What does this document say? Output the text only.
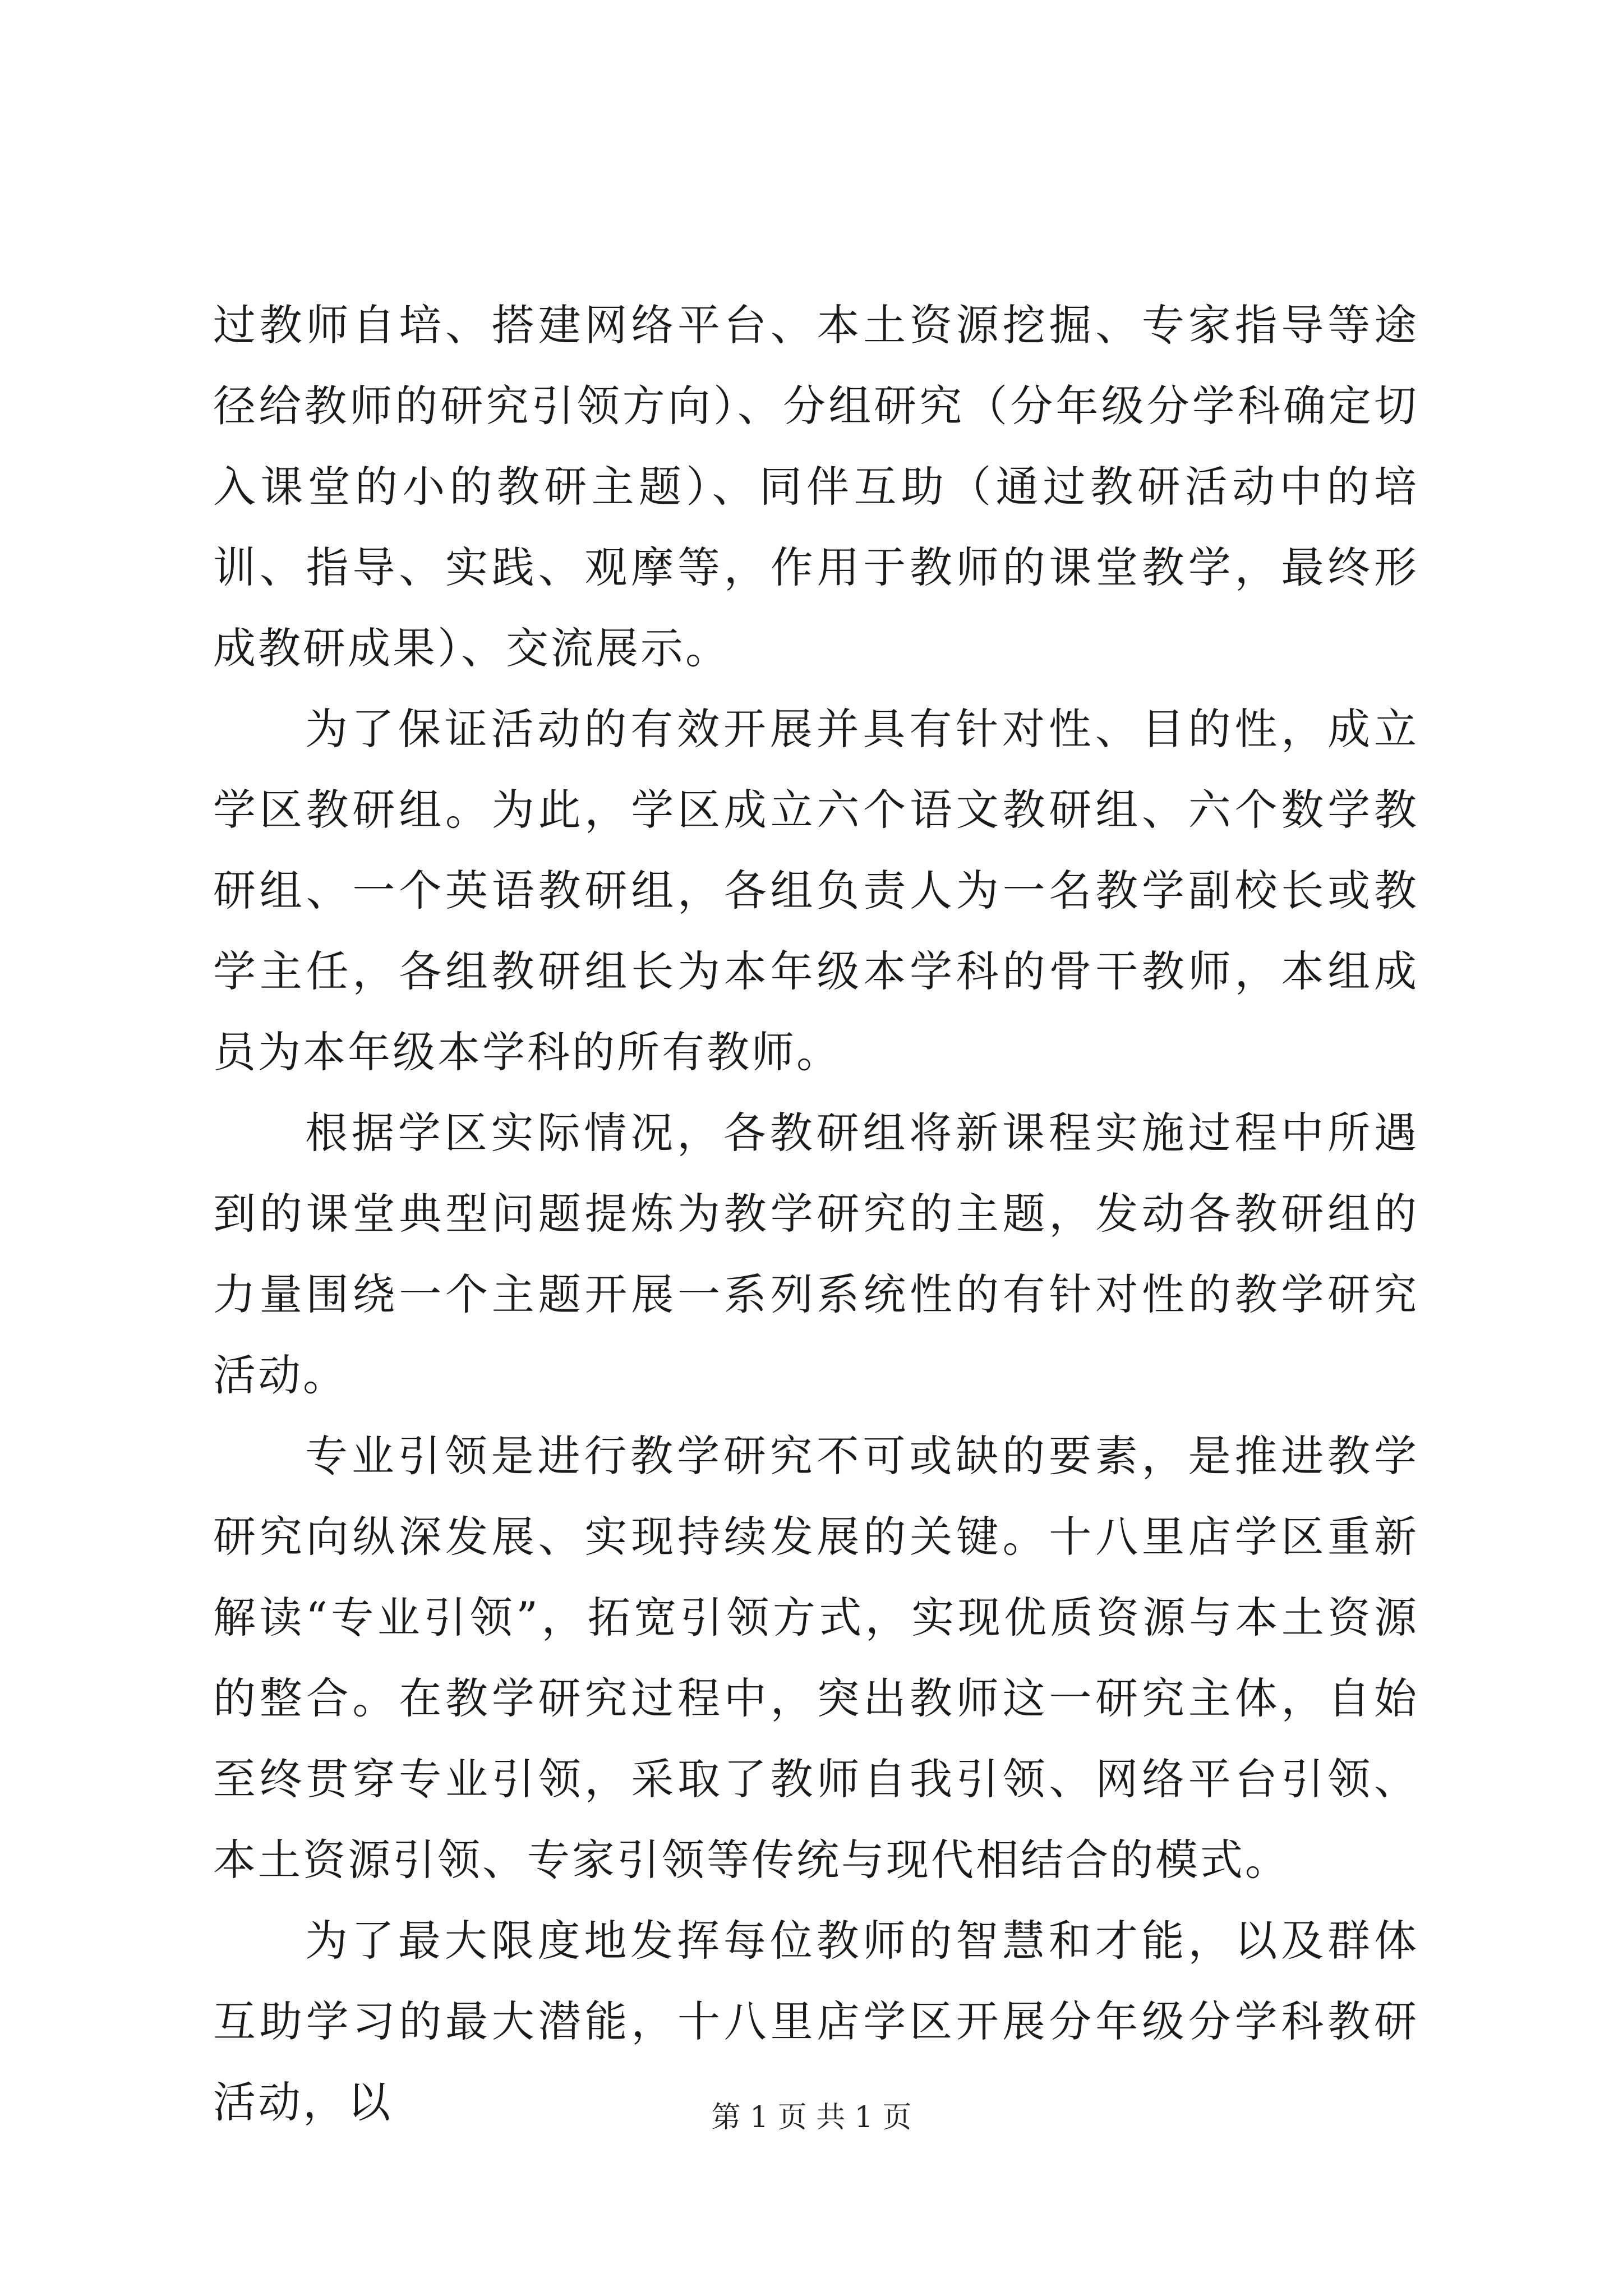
过教师自培、搭建网络平台、本土资源挖掘、专家指导等途径给教师的研究引领方向）、分组研究（分年级分学科确定切入课堂的小的教研主题）、同伴互助（通过教研活动中的培训、指导、实践、观摩等，作用于教师的课堂教学，最终形成教研成果）、交流展示。

为了保证活动的有效开展并具有针对性、目的性，成立学区教研组。为此，学区成立六个语文教研组、六个数学教研组、一个英语教研组，各组负责人为一名教学副校长或教学主任，各组教研组长为本年级本学科的骨干教师，本组成员为本年级本学科的所有教师。

根据学区实际情况，各教研组将新课程实施过程中所遇到的课堂典型问题提炼为教学研究的主题，发动各教研组的力量围绕一个主题开展一系列系统性的有针对性的教学研究活动。

专业引领是进行教学研究不可或缺的要素，是推进教学研究向纵深发展、实现持续发展的关键。十八里店学区重新解读“专业引领”，拓宽引领方式，实现优质资源与本土资源的整合。在教学研究过程中，突出教师这一研究主体，自始至终贯穿专业引领，采取了教师自我引领、网络平台引领、本土资源引领、专家引领等传统与现代相结合的模式。

为了最大限度地发挥每位教师的智慧和才能，以及群体互助学习的最大潜能，十八里店学区开展分年级分学科教研活动，以	第 1 页 共 1 页
